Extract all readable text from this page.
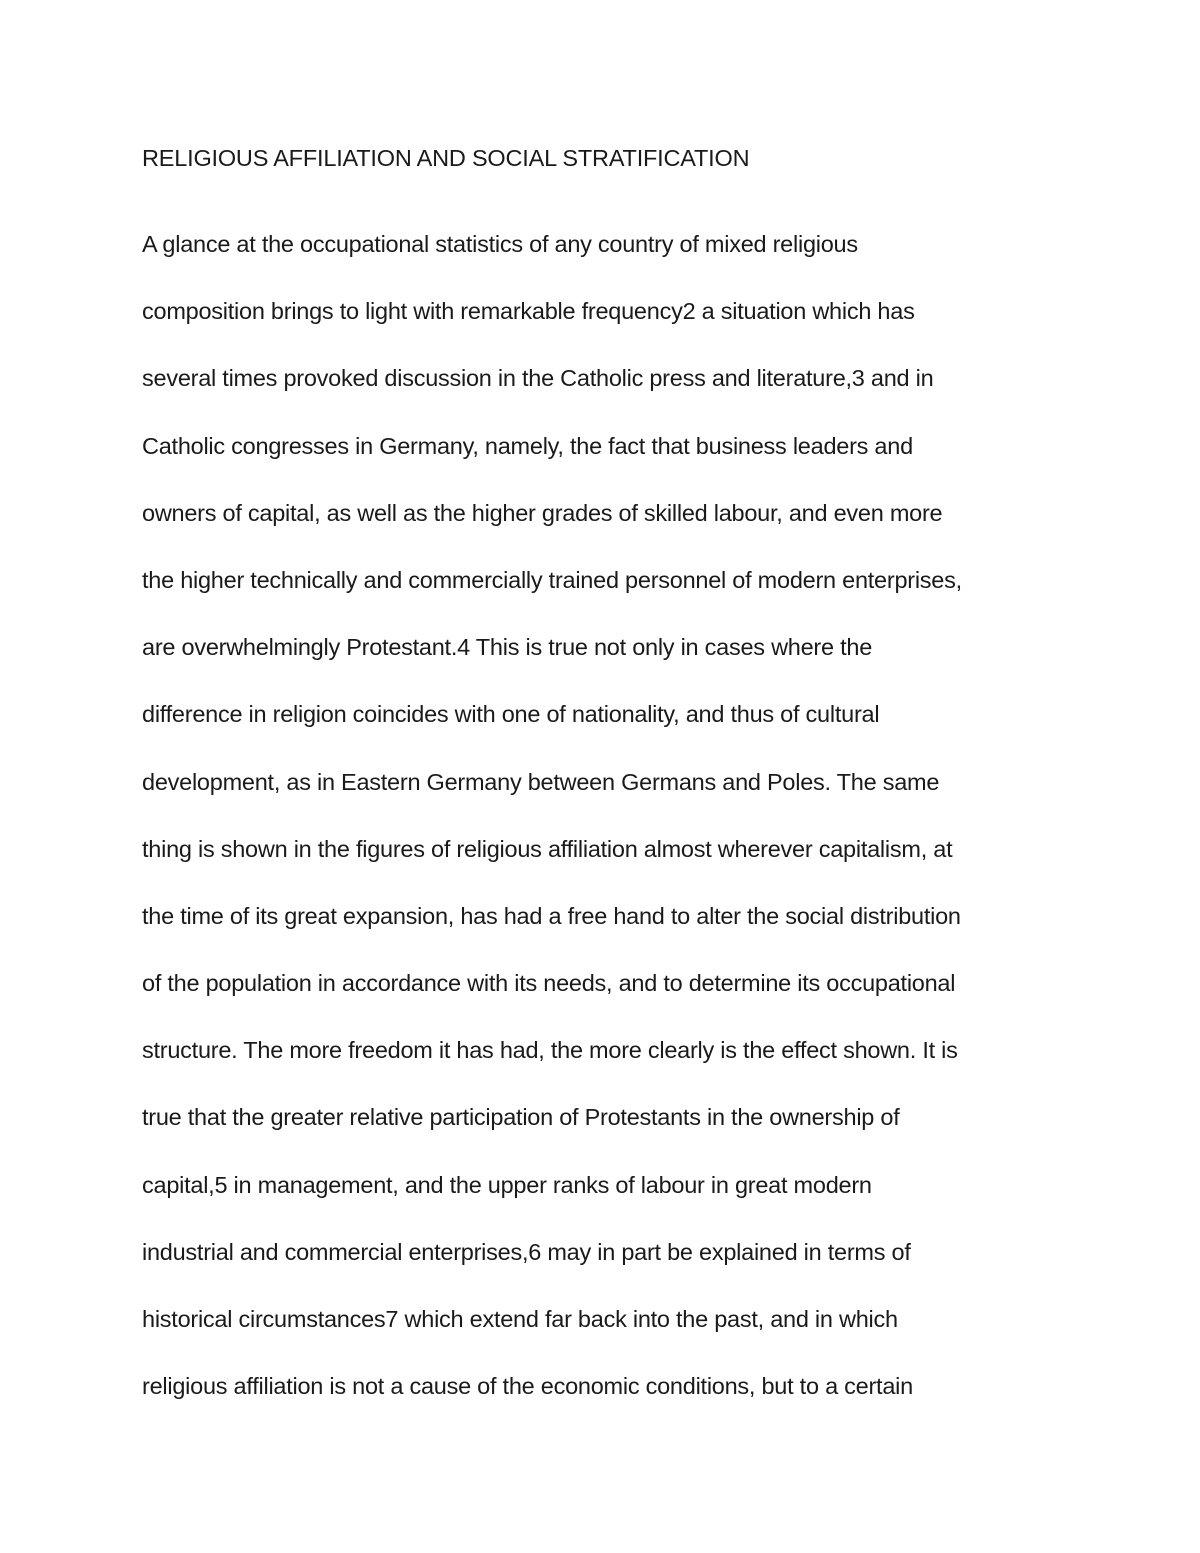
RELIGIOUS AFFILIATION AND SOCIAL STRATIFICATION
A glance at the occupational statistics of any country of mixed religious
composition brings to light with remarkable frequency2 a situation which has
several times provoked discussion in the Catholic press and literature,3 and in
Catholic congresses in Germany, namely, the fact that business leaders and
owners of capital, as well as the higher grades of skilled labour, and even more
the higher technically and commercially trained personnel of modern enterprises,
are overwhelmingly Protestant.4 This is true not only in cases where the
difference in religion coincides with one of nationality, and thus of cultural
development, as in Eastern Germany between Germans and Poles. The same
thing is shown in the figures of religious affiliation almost wherever capitalism, at
the time of its great expansion, has had a free hand to alter the social distribution
of the population in accordance with its needs, and to determine its occupational
structure. The more freedom it has had, the more clearly is the effect shown. It is
true that the greater relative participation of Protestants in the ownership of
capital,5 in management, and the upper ranks of labour in great modern
industrial and commercial enterprises,6 may in part be explained in terms of
historical circumstances7 which extend far back into the past, and in which
religious affiliation is not a cause of the economic conditions, but to a certain
